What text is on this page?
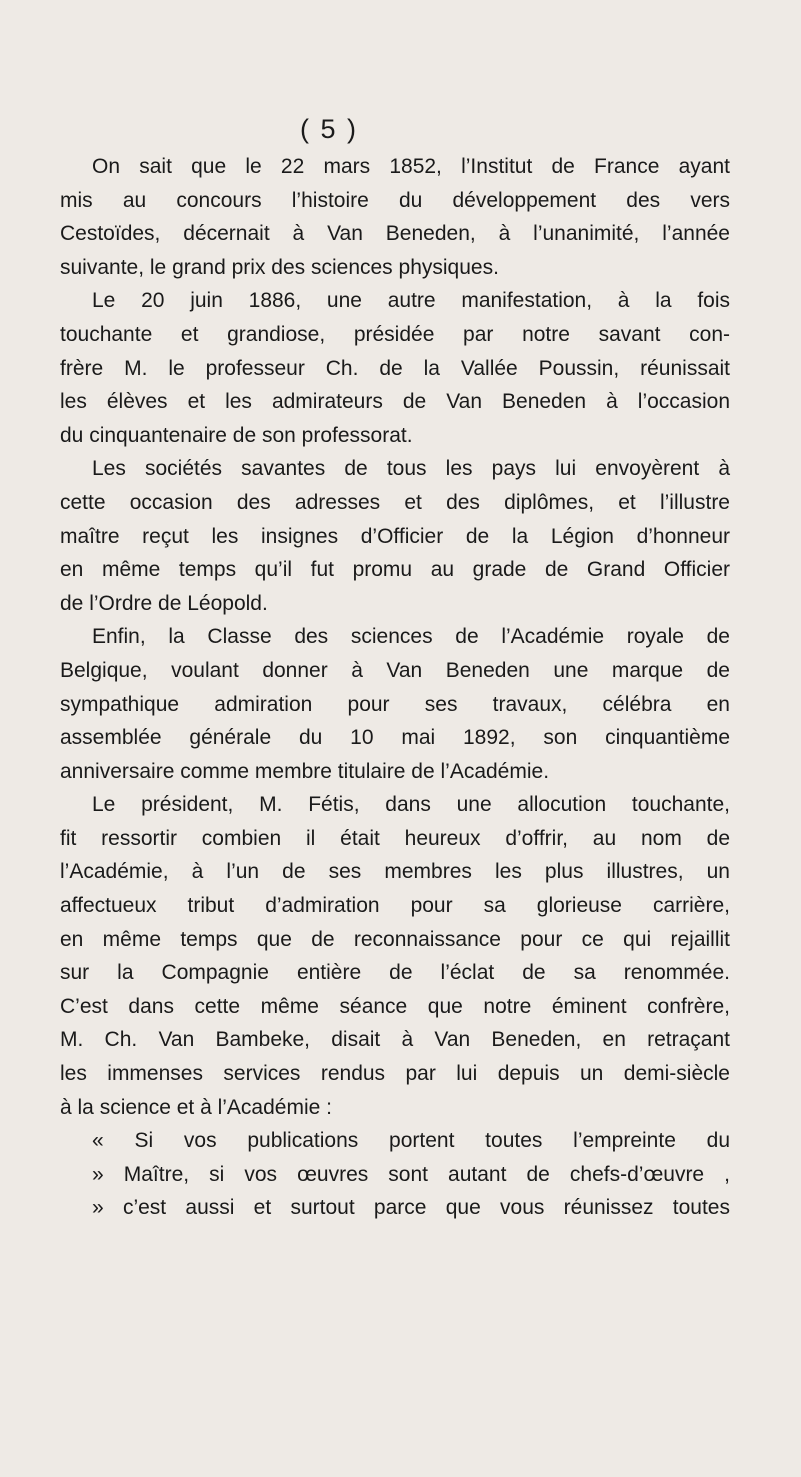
( 5 )
On sait que le 22 mars 1852, l’Institut de France ayant
mis au concours l’histoire du développement des vers
Cestoïdes, décernait à Van Beneden, à l’unanimité, l’année
suivante, le grand prix des sciences physiques.
Le 20 juin 1886, une autre manifestation, à la fois
touchante et grandiose, présidée par notre savant con-
frère M. le professeur Ch. de la Vallée Poussin, réunissait
les élèves et les admirateurs de Van Beneden à l’occasion
du cinquantenaire de son professorat.
Les sociétés savantes de tous les pays lui envoyèrent à
cette occasion des adresses et des diplômes, et l’illustre
maître reçut les insignes d’Officier de la Légion d’honneur
en même temps qu’il fut promu au grade de Grand Officier
de l’Ordre de Léopold.
Enfin, la Classe des sciences de l’Académie royale de
Belgique, voulant donner à Van Beneden une marque de
sympathique admiration pour ses travaux, célébra en
assemblée générale du 10 mai 1892, son cinquantième
anniversaire comme membre titulaire de l’Académie.
Le président, M. Fétis, dans une allocution touchante,
fit ressortir combien il était heureux d’offrir, au nom de
l’Académie, à l’un de ses membres les plus illustres, un
affectueux tribut d’admiration pour sa glorieuse carrière,
en même temps que de reconnaissance pour ce qui rejaillit
sur la Compagnie entière de l’éclat de sa renommée.
C’est dans cette même séance que notre éminent confrère,
M. Ch. Van Bambeke, disait à Van Beneden, en retraçant
les immenses services rendus par lui depuis un demi-siècle
à la science et à l’Académie :
« Si vos publications portent toutes l’empreinte du
» Maître, si vos œuvres sont autant de chefs-d’œuvre ,
» c’est aussi et surtout parce que vous réunissez toutes
